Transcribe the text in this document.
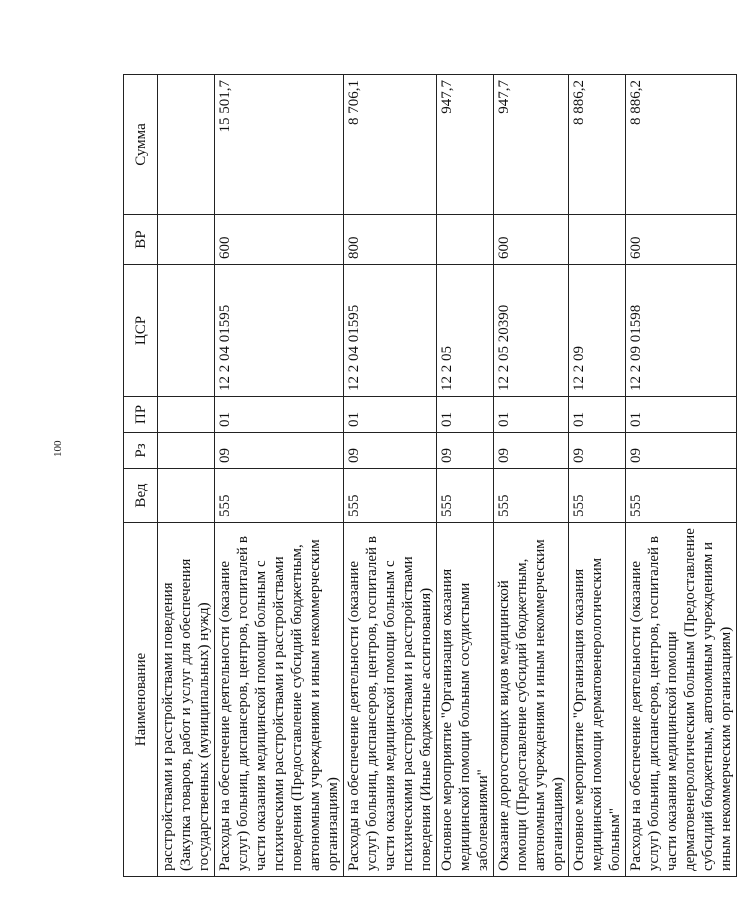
100
Наименование	Вед	Рз	ПР	ЦСР	ВР	Сумма
расстройствами и расстройствами поведения (Закупка товаров, работ и услуг для обеспечения государственных (муниципальных) нужд)						
Расходы на обеспечение деятельности (оказание услуг) больниц, диспансеров, центров, госпиталей в части оказания медицинской помощи больным с психическими расстройствами и расстройствами поведения (Предоставление субсидий бюджетным, автономным учреждениям и иным некоммерческим организациям)	555	09	01	12 2 04 01595	600	15 501,7
Расходы на обеспечение деятельности (оказание услуг) больниц, диспансеров, центров, госпиталей в части оказания медицинской помощи больным с психическими расстройствами и расстройствами поведения (Иные бюджетные ассигнования)	555	09	01	12 2 04 01595	800	8 706,1
Основное мероприятие "Организация оказания медицинской помощи больным сосудистыми заболеваниями"	555	09	01	12 2 05		947,7
Оказание дорогостоящих видов медицинской помощи (Предоставление субсидий бюджетным, автономным учреждениям и иным некоммерческим организациям)	555	09	01	12 2 05 20390	600	947,7
Основное мероприятие "Организация оказания медицинской помощи дерматовенерологическим больным"	555	09	01	12 2 09		8 886,2
Расходы на обеспечение деятельности (оказание услуг) больниц, диспансеров, центров, госпиталей в части оказания медицинской помощи дерматовенерологическим больным (Предоставление субсидий бюджетным, автономным учреждениям и иным некоммерческим организациям)	555	09	01	12 2 09 01598	600	8 886,2
